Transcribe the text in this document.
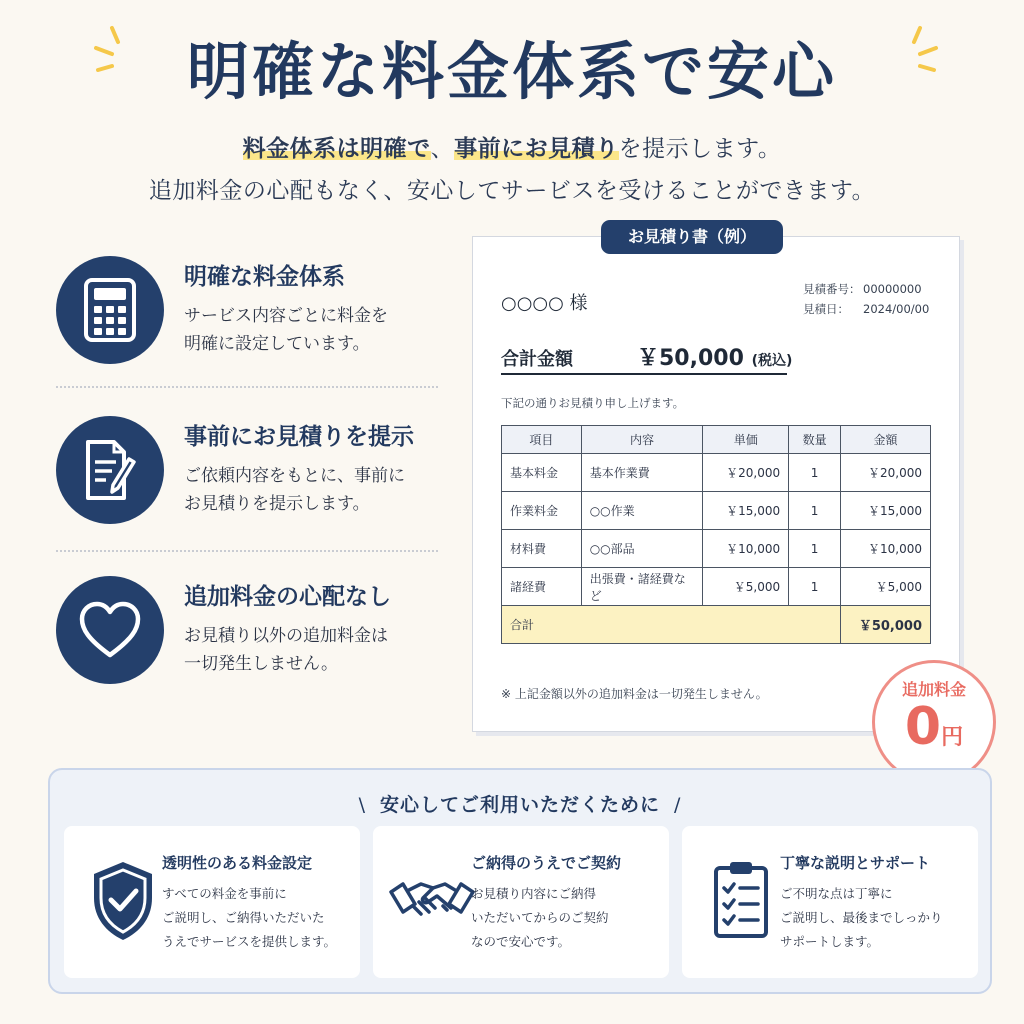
明確な料金体系で安心
料金体系は明確で、事前にお見積りを提示します。
追加料金の心配もなく、安心してサービスを受けることができます。
明確な料金体系
サービス内容ごとに料金を
明確に設定しています。
事前にお見積りを提示
ご依頼内容をもとに、事前に
お見積りを提示します。
追加料金の心配なし
お見積り以外の追加料金は
一切発生しません。
○○○○ 様
見積番号： 00000000
見積日： 2024/00/00
合計金額	￥50,000 (税込)
下記の通りお見積り申し上げます。
項目	内容	単価	数量	金額
基本料金	基本作業費	￥20,000	1	￥20,000
作業料金	○○作業	￥15,000	1	￥15,000
材料費	○○部品	￥10,000	1	￥10,000
諸経費	出張費・諸経費など	￥5,000	1	￥5,000
合計				￥50,000
※ 上記金額以外の追加料金は一切発生しません。
お見積り書（例）
追加料金
0円
\ 安心してご利用いただくために /
透明性のある料金設定
すべての料金を事前に
ご説明し、ご納得いただいた
うえでサービスを提供します。
ご納得のうえでご契約
お見積り内容にご納得
いただいてからのご契約
なので安心です。
丁寧な説明とサポート
ご不明な点は丁寧に
ご説明し、最後までしっかり
サポートします。
